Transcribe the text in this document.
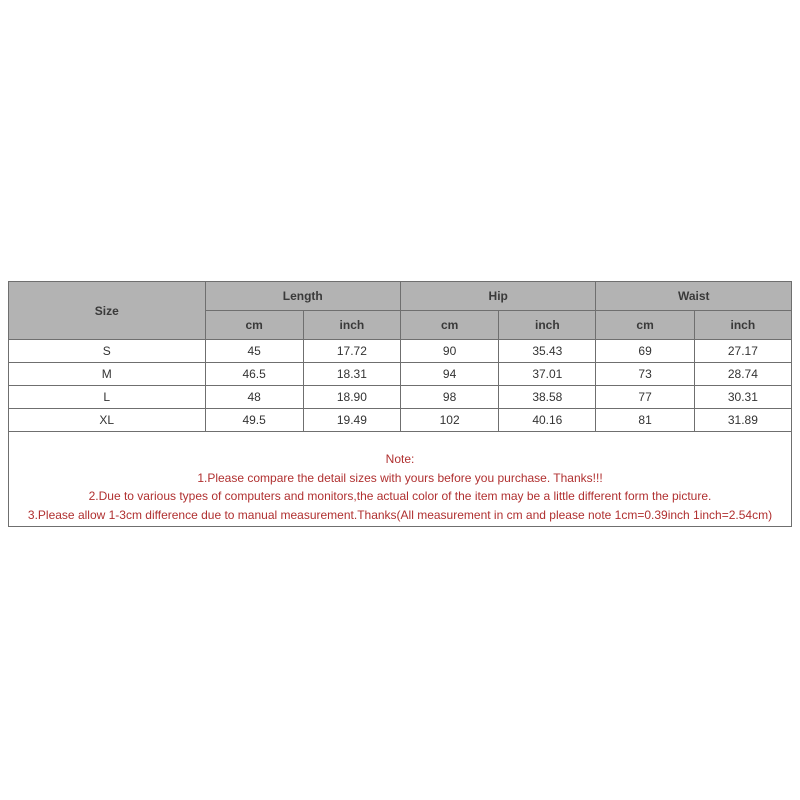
Size	Length		Hip		Waist	
	cm	inch	cm	inch	cm	inch
S	45	17.72	90	35.43	69	27.17
M	46.5	18.31	94	37.01	73	28.74
L	48	18.90	98	38.58	77	30.31
XL	49.5	19.49	102	40.16	81	31.89
Note:
1.Please compare the detail sizes with yours before you purchase. Thanks!!!
2.Due to various types of computers and monitors,the actual color of the item may be a little different form the picture.
3.Please allow 1-3cm difference due to manual measurement.Thanks(All measurement in cm and please note 1cm=0.39inch 1inch=2.54cm)
